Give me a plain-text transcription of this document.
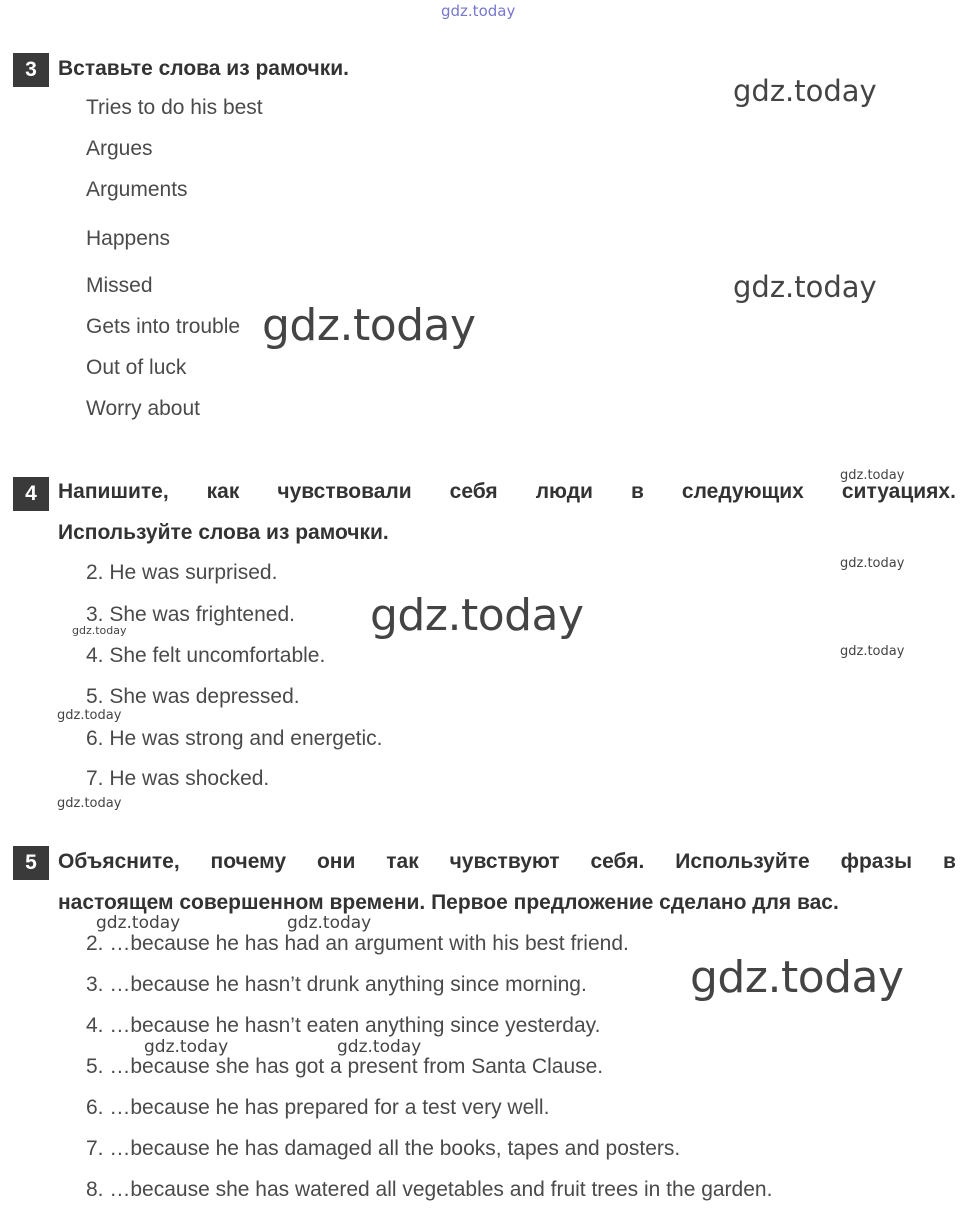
gdz.today
3	Вставьте слова из рамочки.
Tries to do his best
Argues
Arguments
Happens
Missed
Gets into trouble
Out of luck
Worry about
gdz.today
gdz.today
gdz.today
4	Напишите, как чувствовали себя люди в следующих ситуациях.
Используйте слова из рамочки.
2. He was surprised.
3. She was frightened.
4. She felt uncomfortable.
5. She was depressed.
6. He was strong and energetic.
7. He was shocked.
gdz.today
gdz.today
gdz.today
gdz.today
gdz.today
gdz.today
gdz.today
5	Объясните, почему они так чувствуют себя. Используйте фразы в
настоящем совершенном времени. Первое предложение сделано для вас.
2. …because he has had an argument with his best friend.
3. …because he hasn’t drunk anything since morning.
4. …because he hasn’t eaten anything since yesterday.
5. …because she has got a present from Santa Clause.
6. …because he has prepared for a test very well.
7. …because he has damaged all the books, tapes and posters.
8. …because she has watered all vegetables and fruit trees in the garden.
gdz.today	gdz.today
gdz.today
gdz.today	gdz.today
